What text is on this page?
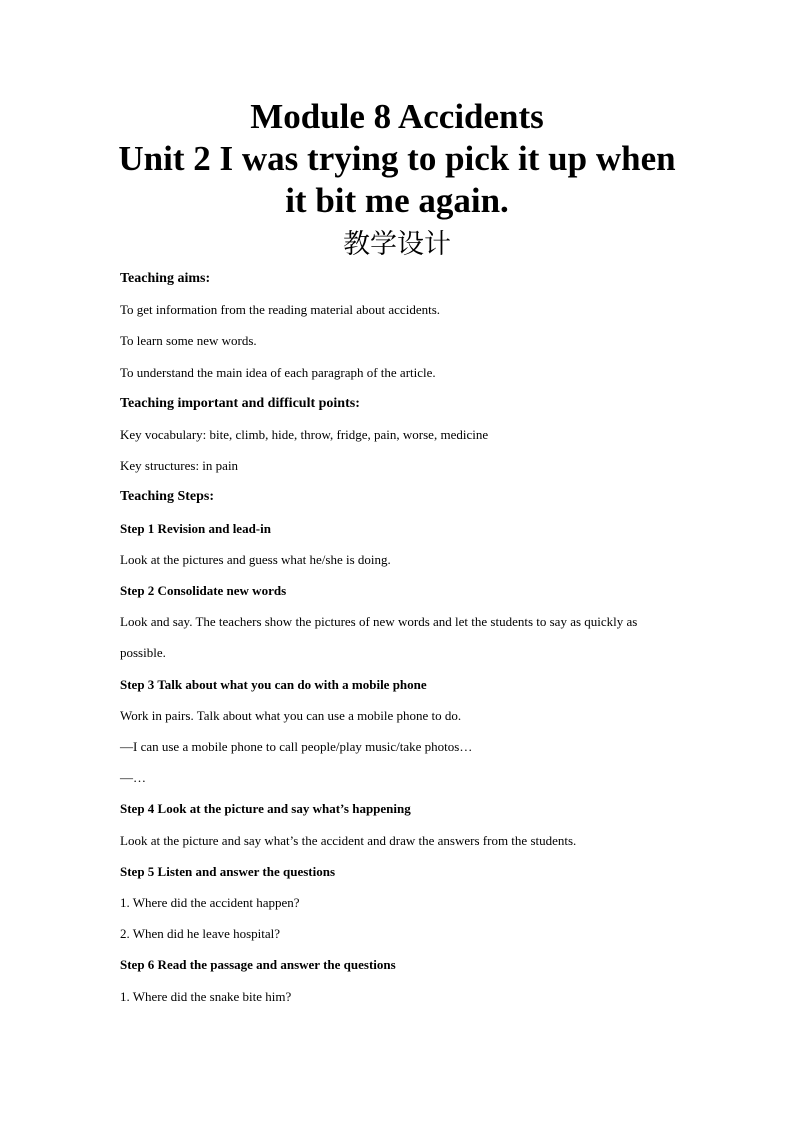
Module 8 Accidents

Unit 2 I was trying to pick it up when

it bit me again.

教学设计
Teaching aims:
To get information from the reading material about accidents.
To learn some new words.
To understand the main idea of each paragraph of the article.
Teaching important and difficult points:
Key vocabulary: bite, climb, hide, throw, fridge, pain, worse, medicine
Key structures: in pain
Teaching Steps:
Step 1 Revision and lead-in
Look at the pictures and guess what he/she is doing.
Step 2 Consolidate new words
Look and say. The teachers show the pictures of new words and let the students to say as quickly as possible.
Step 3 Talk about what you can do with a mobile phone
Work in pairs. Talk about what you can use a mobile phone to do.
—I can use a mobile phone to call people/play music/take photos…
—…
Step 4 Look at the picture and say what’s happening
Look at the picture and say what’s the accident and draw the answers from the students.
Step 5 Listen and answer the questions
1. Where did the accident happen?
2. When did he leave hospital?
Step 6 Read the passage and answer the questions
1. Where did the snake bite him?
